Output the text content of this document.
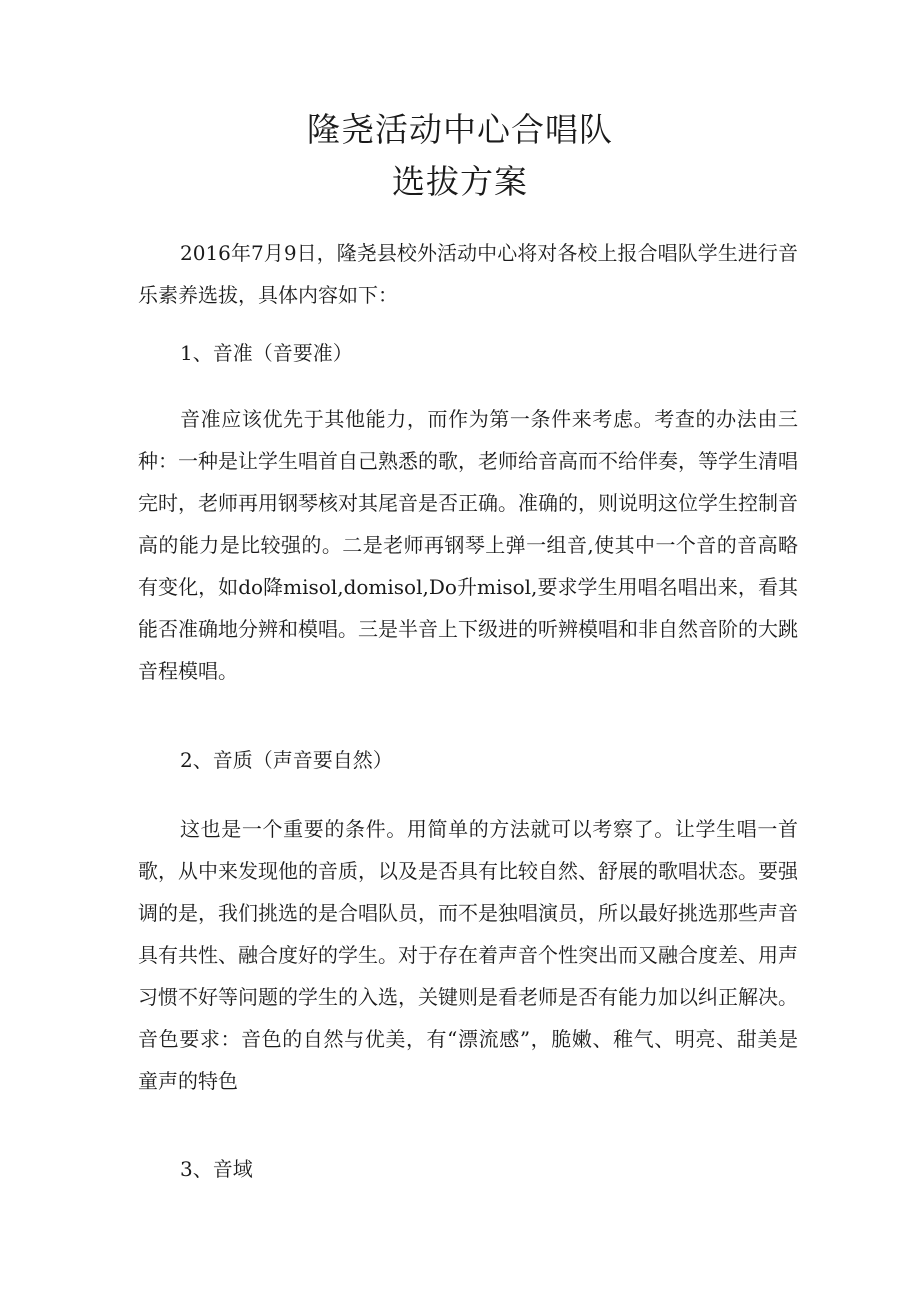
隆尧活动中心合唱队
选拔方案

2016年7月9日，隆尧县校外活动中心将对各校上报合唱队学生进行音乐素养选拔，具体内容如下：

1、音准（音要准）

音准应该优先于其他能力，而作为第一条件来考虑。考查的办法由三种：一种是让学生唱首自己熟悉的歌，老师给音高而不给伴奏，等学生清唱完时，老师再用钢琴核对其尾音是否正确。准确的，则说明这位学生控制音高的能力是比较强的。二是老师再钢琴上弹一组音,使其中一个音的音高略有变化，如do降misol,domisol,Do升misol,要求学生用唱名唱出来，看其能否准确地分辨和模唱。三是半音上下级进的听辨模唱和非自然音阶的大跳音程模唱。

2、音质（声音要自然）

这也是一个重要的条件。用简单的方法就可以考察了。让学生唱一首歌，从中来发现他的音质，以及是否具有比较自然、舒展的歌唱状态。要强调的是，我们挑选的是合唱队员，而不是独唱演员，所以最好挑选那些声音具有共性、融合度好的学生。对于存在着声音个性突出而又融合度差、用声习惯不好等问题的学生的入选，关键则是看老师是否有能力加以纠正解决。音色要求：音色的自然与优美，有“漂流感”，脆嫩、稚气、明亮、甜美是童声的特色

3、音域
